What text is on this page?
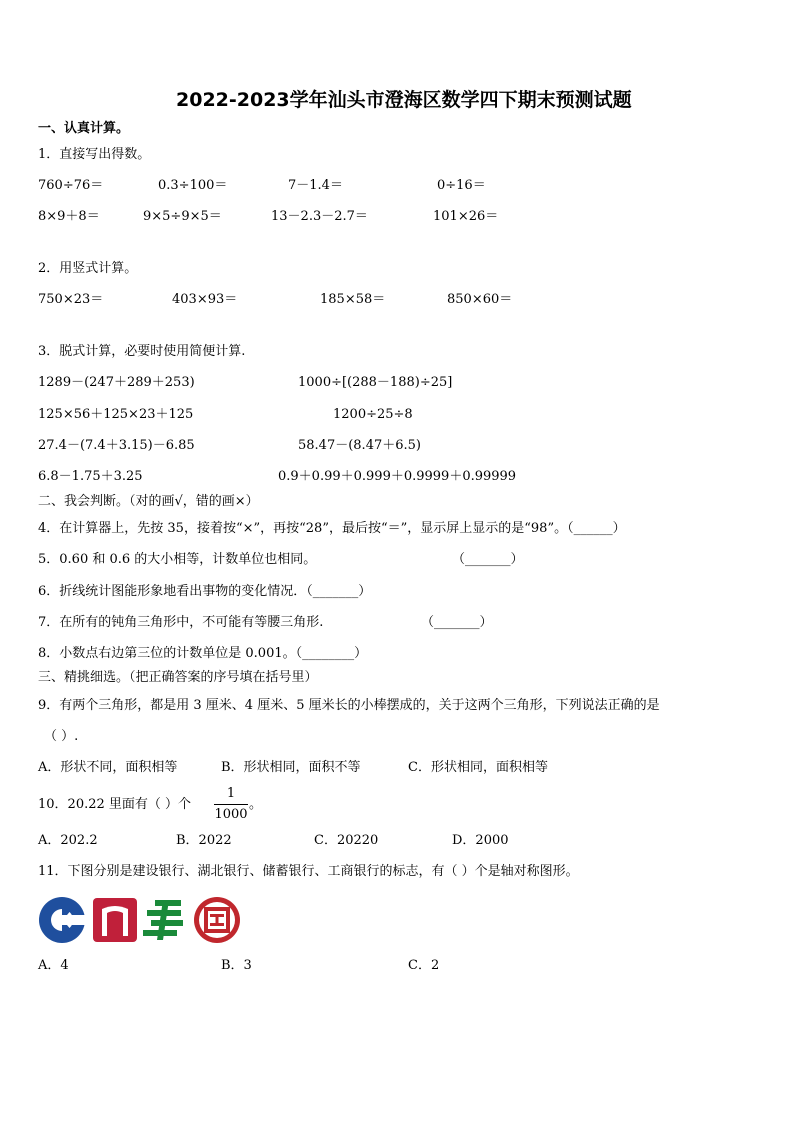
2022-2023学年汕头市澄海区数学四下期末预测试题
一、认真计算。
1．直接写出得数。
760÷76＝	0.3÷100＝	7－1.4＝	0÷16＝
8×9＋8＝	9×5÷9×5＝	13－2.3－2.7＝	101×26＝
2．用竖式计算。
750×23＝	403×93＝	185×58＝	850×60＝
3．脱式计算，必要时使用简便计算.
1289－(247＋289＋253)	1000÷[(288－188)÷25]
125×56＋125×23＋125	1200÷25÷8
27.4－(7.4＋3.15)－6.85	58.47－(8.47＋6.5)
6.8－1.75＋3.25	0.9＋0.99＋0.999＋0.9999＋0.99999
二、我会判断。（对的画√，错的画×）
4．在计算器上，先按 35，接着按“×”，再按“28”，最后按“＝”，显示屏上显示的是“98”。（______）
5．0.60 和 0.6 的大小相等，计数单位也相同。	（_______）
6．折线统计图能形象地看出事物的变化情况．（_______）
7．在所有的钝角三角形中，不可能有等腰三角形.	（_______）
8．小数点右边第三位的计数单位是 0.001。（________）
三、精挑细选。（把正确答案的序号填在括号里）
9．有两个三角形，都是用 3 厘米、4 厘米、5 厘米长的小棒摆成的，关于这两个三角形，下列说法正确的是
（ ）.
A．形状不同，面积相等	B．形状相同，面积不等	C．形状相同，面积相等
10．20.22 里面有（ ）个
1
1000
。
A．202.2	B．2022	C．20220	D．2000
11．下图分别是建设银行、湖北银行、储蓄银行、工商银行的标志，有（ ）个是轴对称图形。
A．4	B．3	C．2
